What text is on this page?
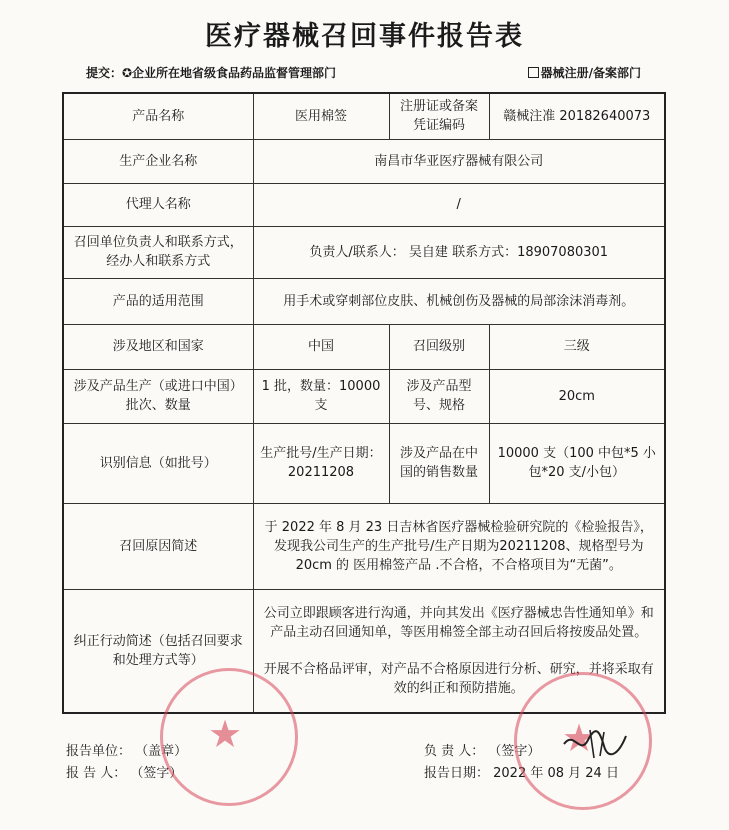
医疗器械召回事件报告表
提交：✪企业所在地省级食品药品监督管理部门	器械注册/备案部门
产品名称	医用棉签	注册证或备案凭证编码	赣械注准 20182640073
生产企业名称	南昌市华亚医疗器械有限公司		
代理人名称	/		
召回单位负责人和联系方式，经办人和联系方式	负责人/联系人： 吴自建 联系方式：18907080301		
产品的适用范围	用手术或穿刺部位皮肤、机械创伤及器械的局部涂沫消毒剂。		
涉及地区和国家	中国	召回级别	三级
涉及产品生产（或进口中国）批次、数量	1 批，数量：10000 支	涉及产品型号、规格	20cm
识别信息（如批号）	生产批号/生产日期：20211208	涉及产品在中国的销售数量	10000 支（100 中包*5 小包*20 支/小包）
召回原因简述	于 2022 年 8 月 23 日吉林省医疗器械检验研究院的《检验报告》，发现我公司生产的生产批号/生产日期为20211208、规格型号为 20cm 的 医用棉签产品 .不合格，不合格项目为“无菌”。		
纠正行动简述（包括召回要求和处理方式等）	公司立即跟顾客进行沟通，并向其发出《医疗器械忠告性通知单》和产品主动召回通知单，等医用棉签全部主动召回后将按废品处置。
开展不合格品评审，对产品不合格原因进行分析、研究，并将采取有效的纠正和预防措施。		
报告单位： （盖章）
报 告 人： （签字）
负 责 人： （签字）
报告日期： 2022 年 08 月 24 日
★	★
